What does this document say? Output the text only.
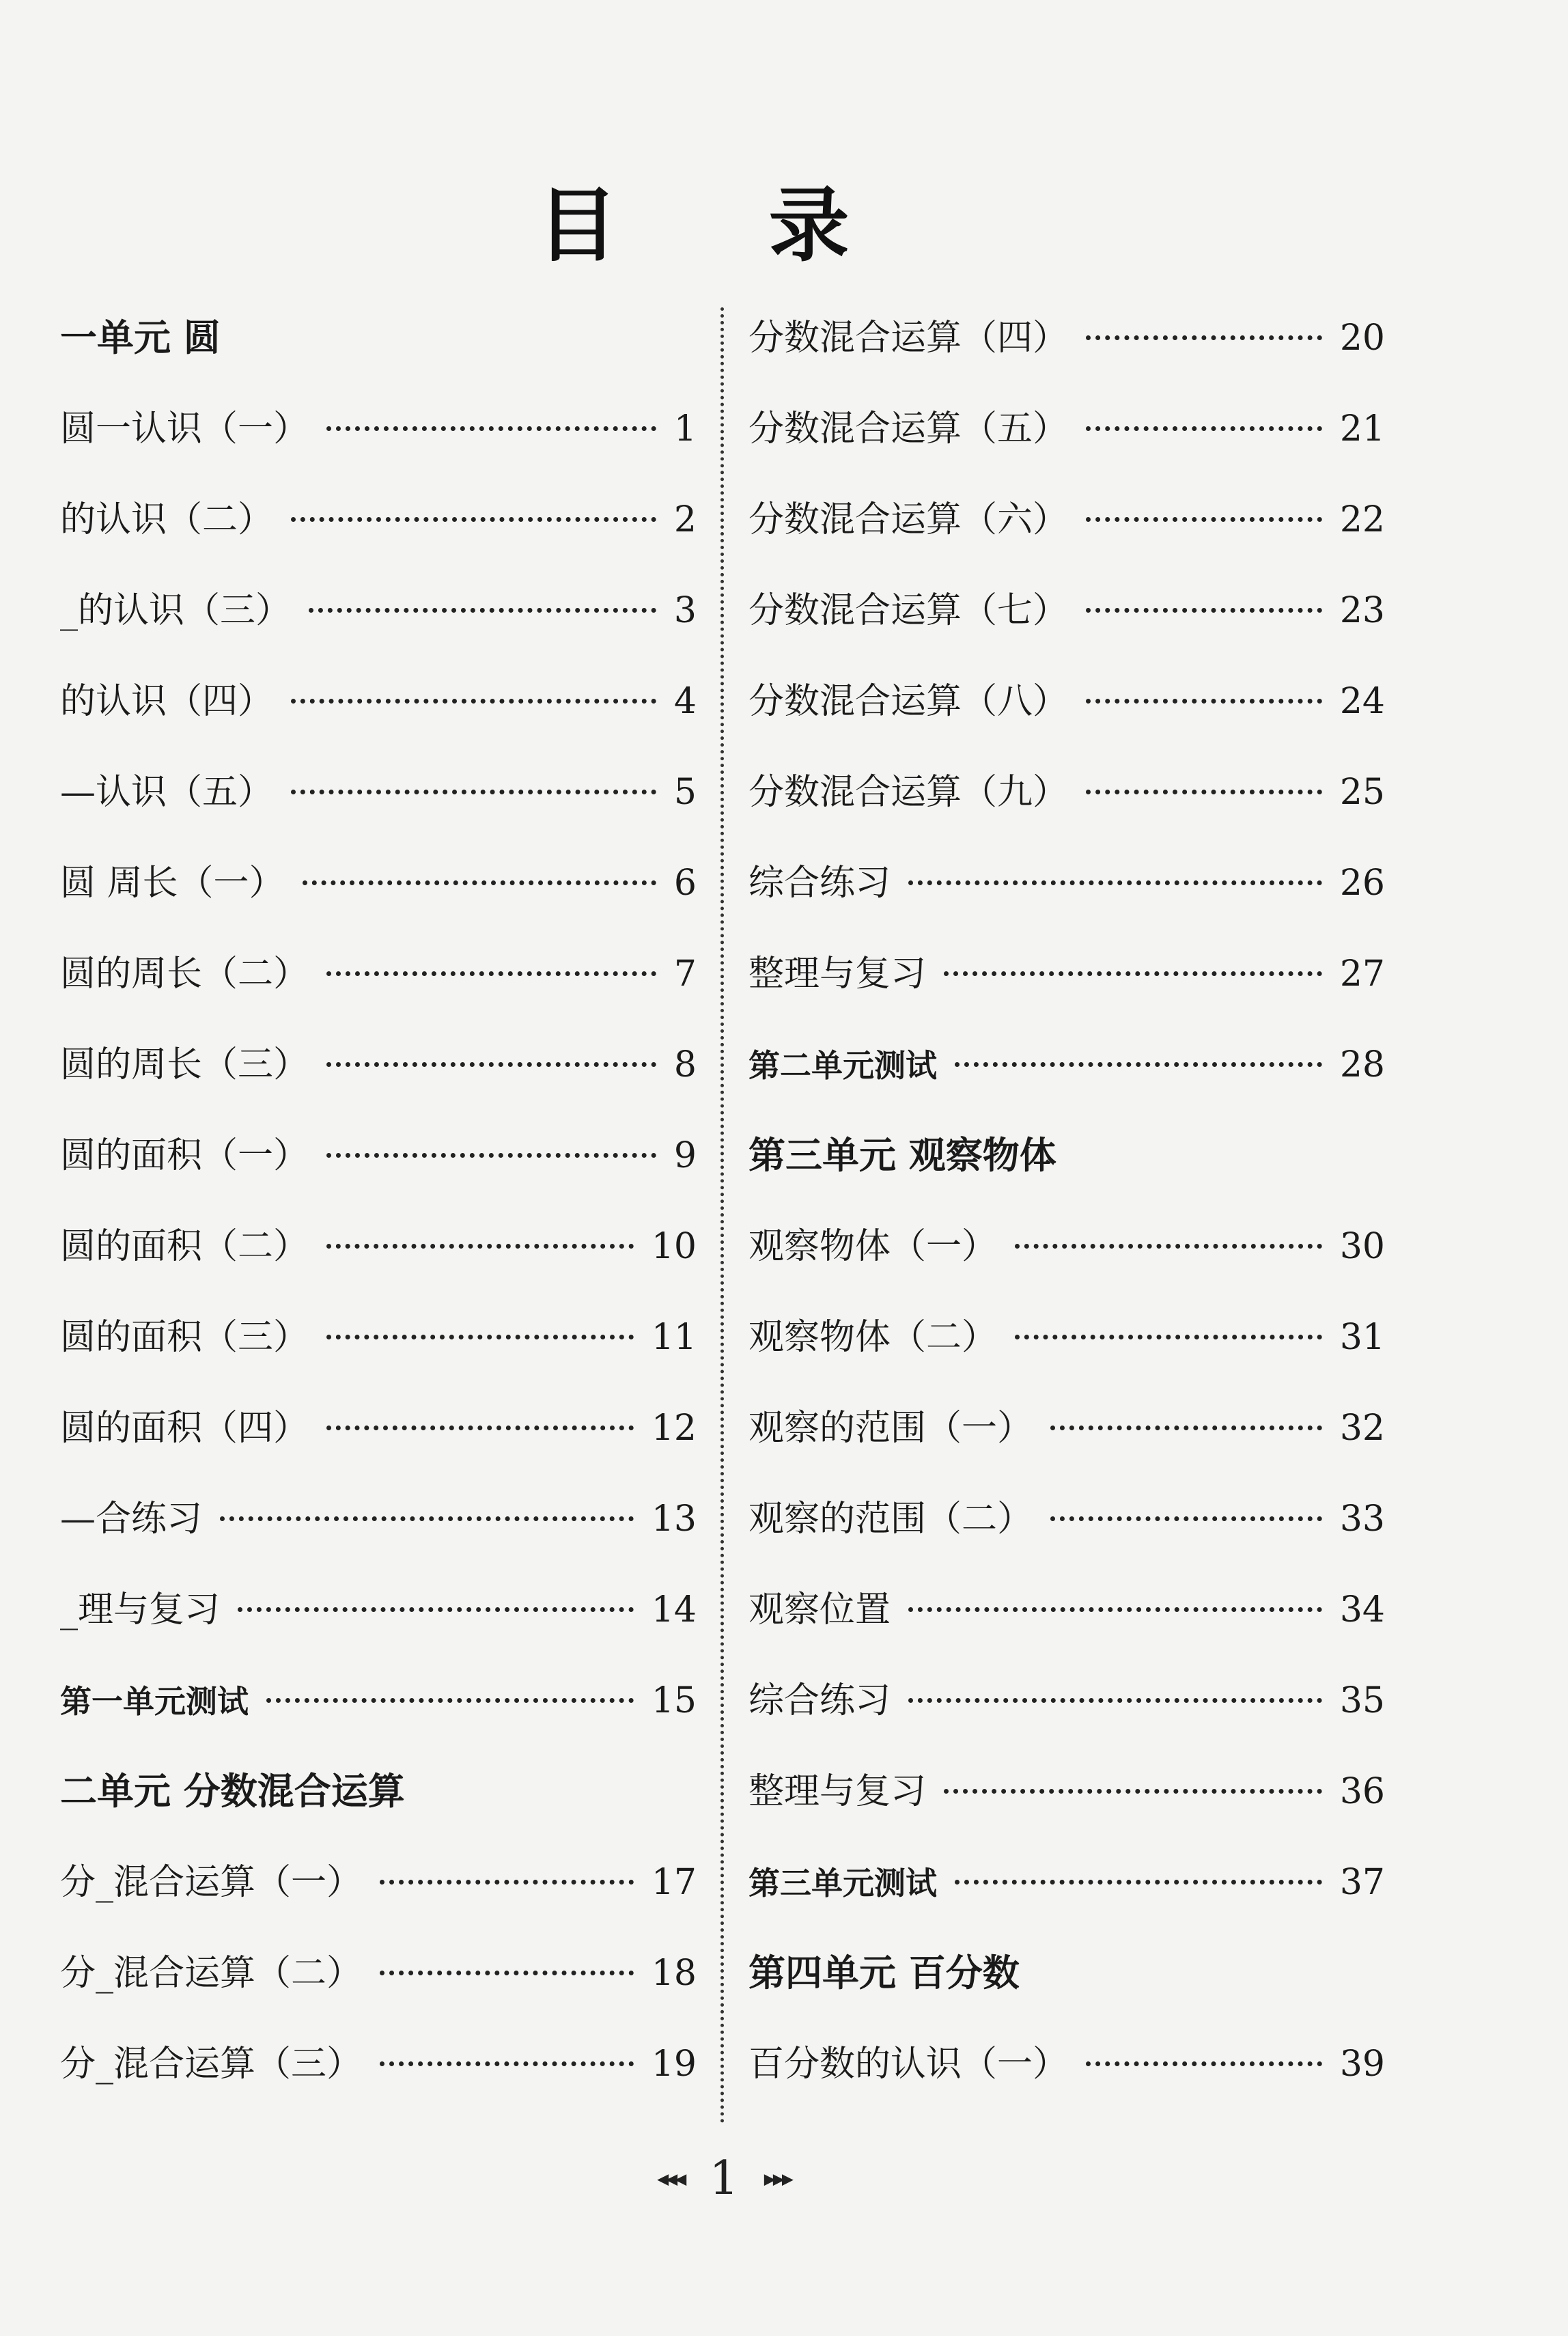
目 录
一单元 圆
圆一认识（一）	1
的认识（二）	2
_的认识（三）	3
的认识（四）	4
—认识（五）	5
圆 周长（一）	6
圆的周长（二）	7
圆的周长（三）	8
圆的面积（一）	9
圆的面积（二）	10
圆的面积（三）	11
圆的面积（四）	12
—合练习	13
_理与复习	14
第一单元测试	15
二单元 分数混合运算
分_混合运算（一）	17
分_混合运算（二）	18
分_混合运算（三）	19
分数混合运算（四）	20
分数混合运算（五）	21
分数混合运算（六）	22
分数混合运算（七）	23
分数混合运算（八）	24
分数混合运算（九）	25
综合练习	26
整理与复习	27
第二单元测试	28
第三单元 观察物体
观察物体（一）	30
观察物体（二）	31
观察的范围（一）	32
观察的范围（二）	33
观察位置	34
综合练习	35
整理与复习	36
第三单元测试	37
第四单元 百分数
百分数的认识（一）	39
◂◂◂ 1 ▸▸▸
